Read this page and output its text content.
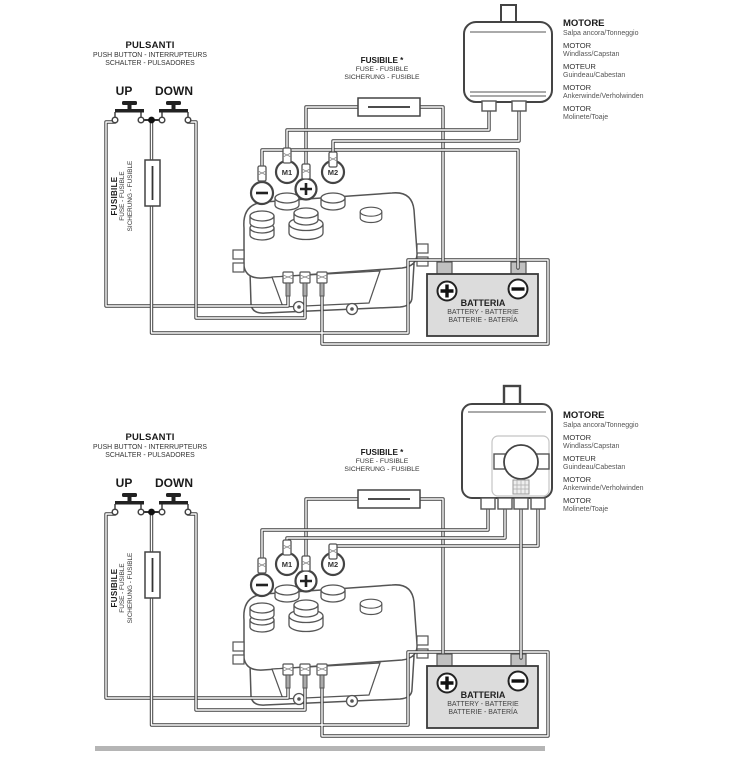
PULSANTI
PUSH BUTTON - INTERRUPTEURS
SCHALTER - PULSADORES
UP	DOWN
FUSIBILE *
FUSE - FUSIBLE
SICHERUNG - FUSIBLE
FUSIBILE FUSE - FUSIBLE SICHERUNG - FUSIBLE
MOTORE
Salpa ancora/Tonneggio
MOTOR
Windlass/Capstan
MOTEUR
Guindeau/Cabestan
MOTOR
Ankerwinde/Verholwinden
MOTOR
Molinete/Toaje
BATTERIA
BATTERY - BATTERIE
BATTERIE - BATERÍA
M1	M2
PULSANTI
PUSH BUTTON - INTERRUPTEURS
SCHALTER - PULSADORES
UP	DOWN
FUSIBILE *
FUSE - FUSIBLE
SICHERUNG - FUSIBLE
FUSIBILE FUSE - FUSIBLE SICHERUNG - FUSIBLE
MOTORE
Salpa ancora/Tonneggio
MOTOR
Windlass/Capstan
MOTEUR
Guindeau/Cabestan
MOTOR
Ankerwinde/Verholwinden
MOTOR
Molinete/Toaje
BATTERIA
BATTERY - BATTERIE
BATTERIE - BATERÍA
M1	M2
